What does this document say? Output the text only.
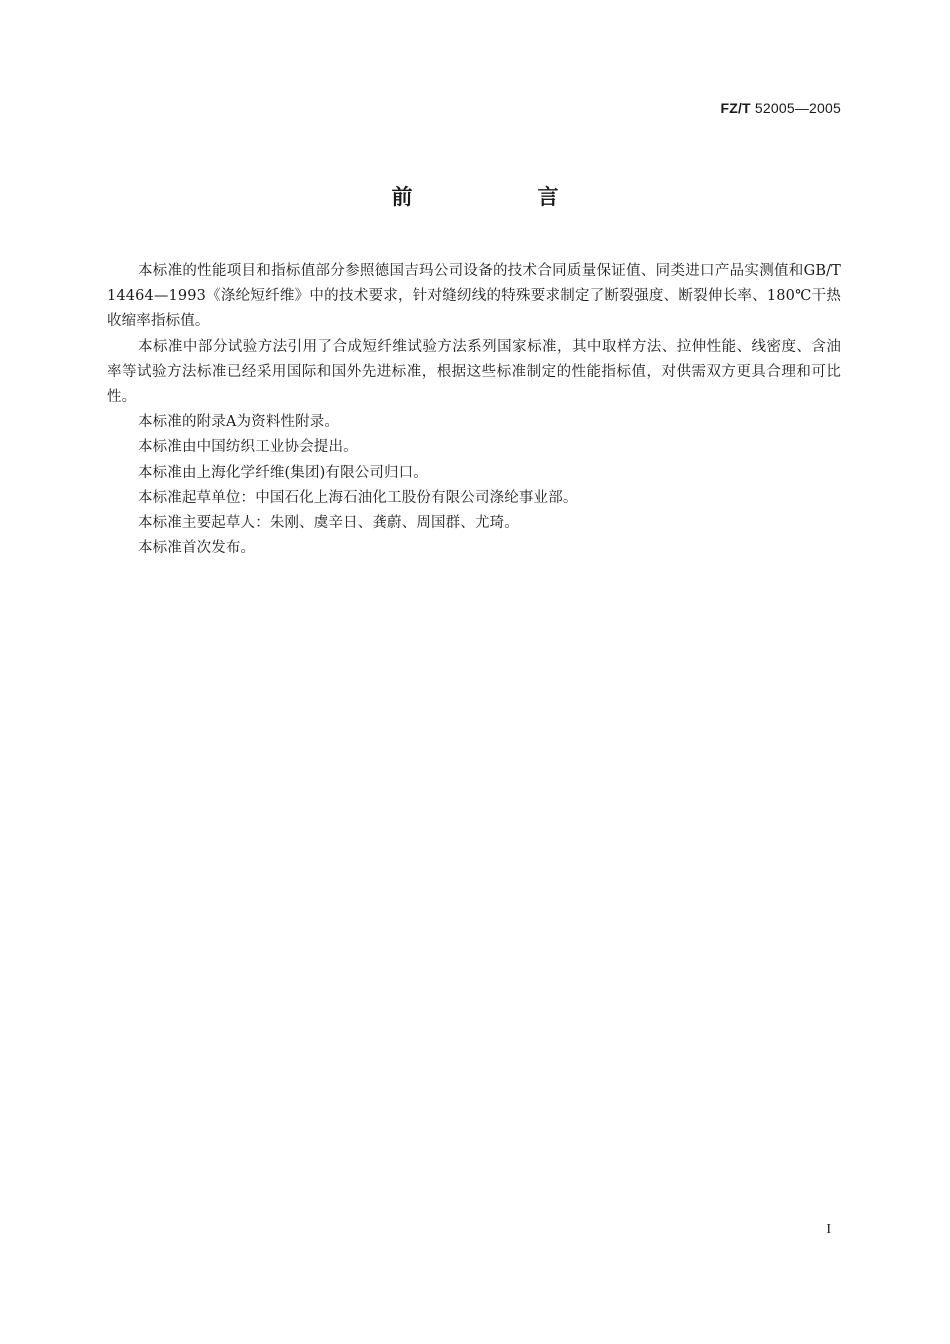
FZ/T 52005—2005
前　言

本标准的性能项目和指标值部分参照德国吉玛公司设备的技术合同质量保证值、同类进口产品实测值和GB/T 14464—1993《涤纶短纤维》中的技术要求，针对缝纫线的特殊要求制定了断裂强度、断裂伸长率、180℃干热收缩率指标值。

本标准中部分试验方法引用了合成短纤维试验方法系列国家标准，其中取样方法、拉伸性能、线密度、含油率等试验方法标准已经采用国际和国外先进标准，根据这些标准制定的性能指标值，对供需双方更具合理和可比性。

本标准的附录A为资料性附录。

本标准由中国纺织工业协会提出。

本标准由上海化学纤维(集团)有限公司归口。

本标准起草单位：中国石化上海石油化工股份有限公司涤纶事业部。

本标准主要起草人：朱刚、虞辛日、龚蔚、周国群、尤琦。

本标准首次发布。

I
